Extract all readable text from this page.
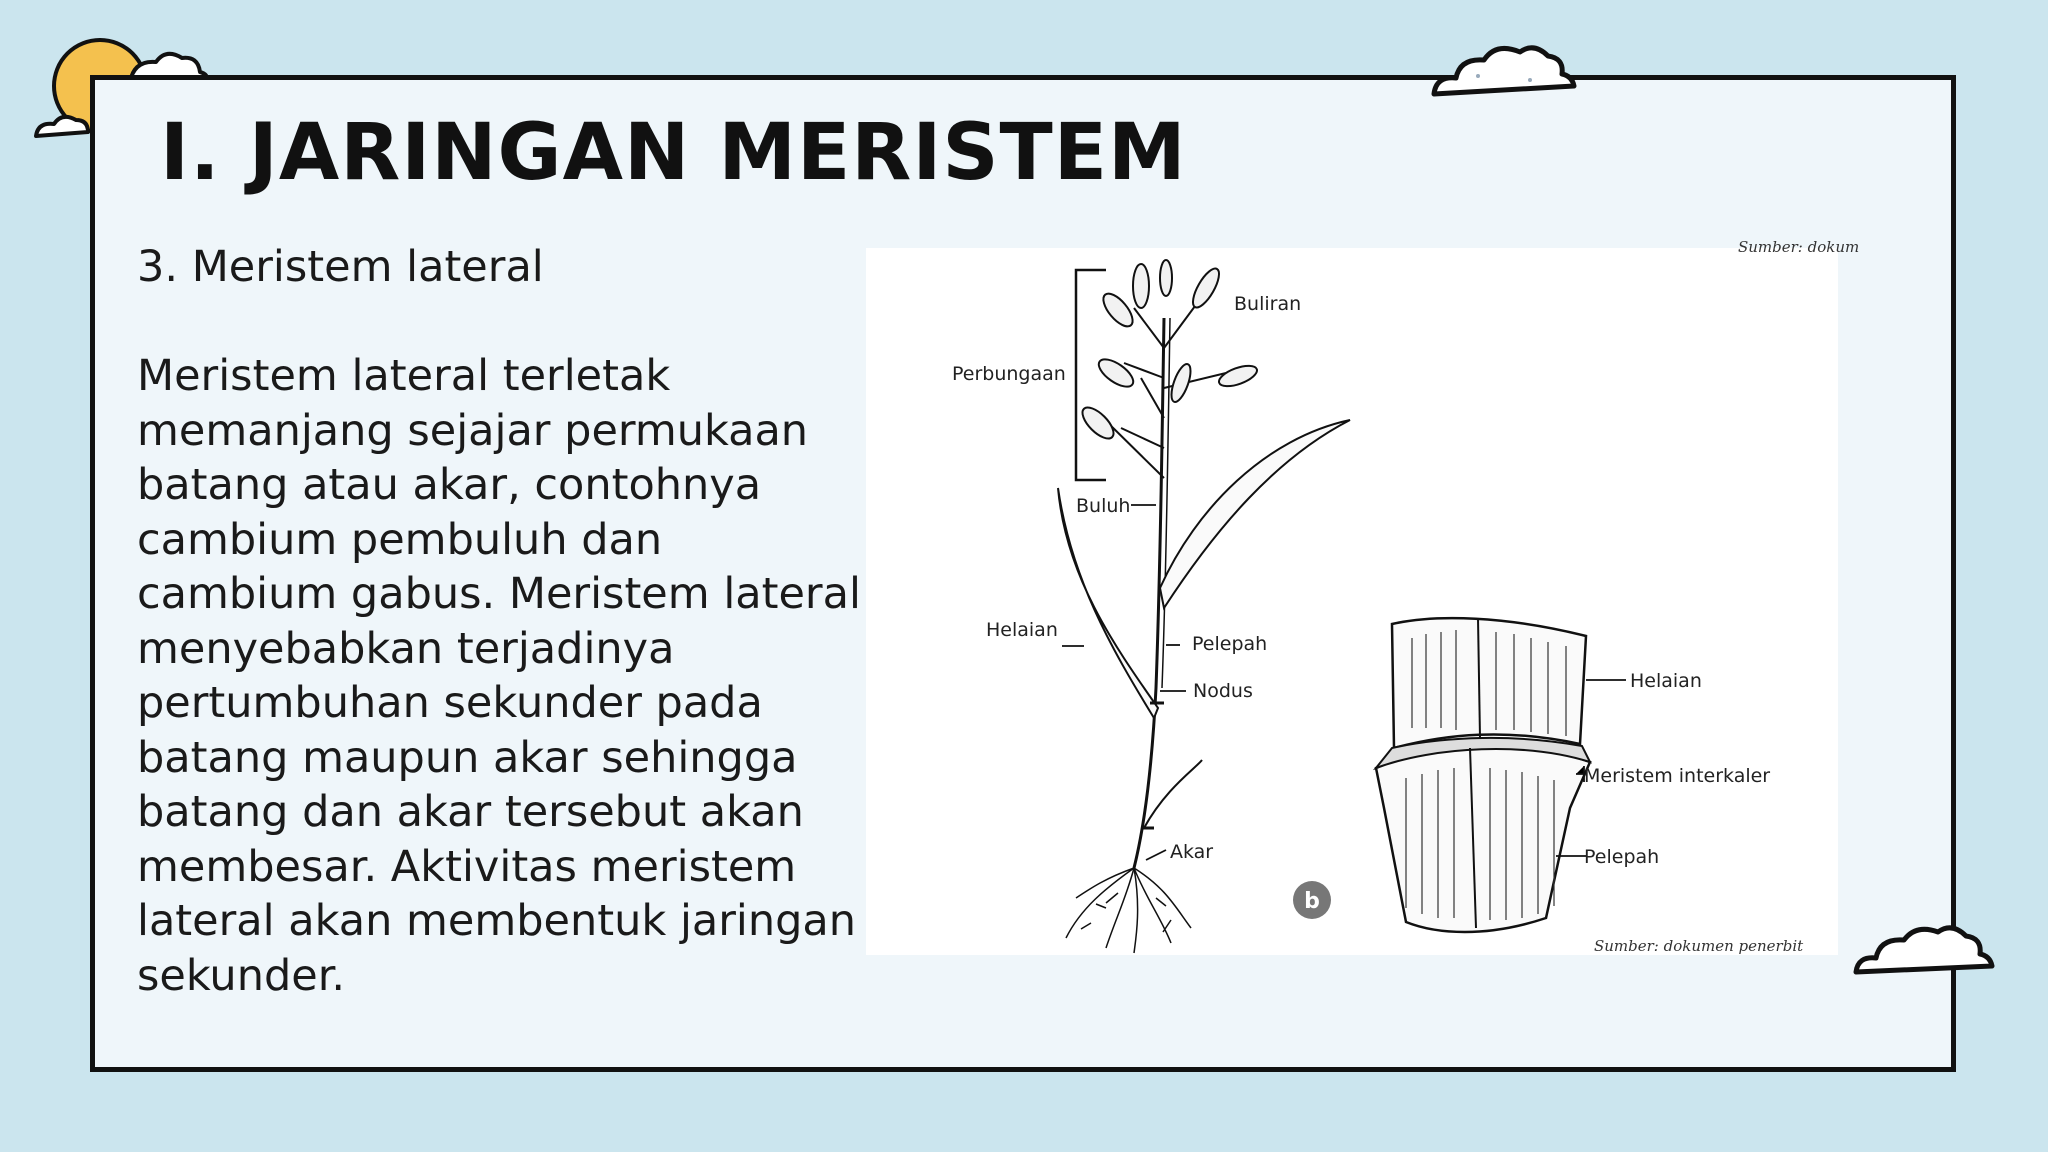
I. JARINGAN MERISTEM

3. Meristem lateral

Meristem lateral terletak
memanjang sejajar permukaan
batang atau akar, contohnya
cambium pembuluh dan
cambium gabus. Meristem lateral
menyebabkan terjadinya
pertumbuhan sekunder pada
batang maupun akar sehingga
batang dan akar tersebut akan
membesar. Aktivitas meristem
lateral akan membentuk jaringan
sekunder.

Sumber: dokum
Buliran
Perbungaan
Buluh
Helaian
Pelepah
Nodus
Akar
b
Helaian
Meristem interkaler
Pelepah
Sumber: dokumen penerbit
